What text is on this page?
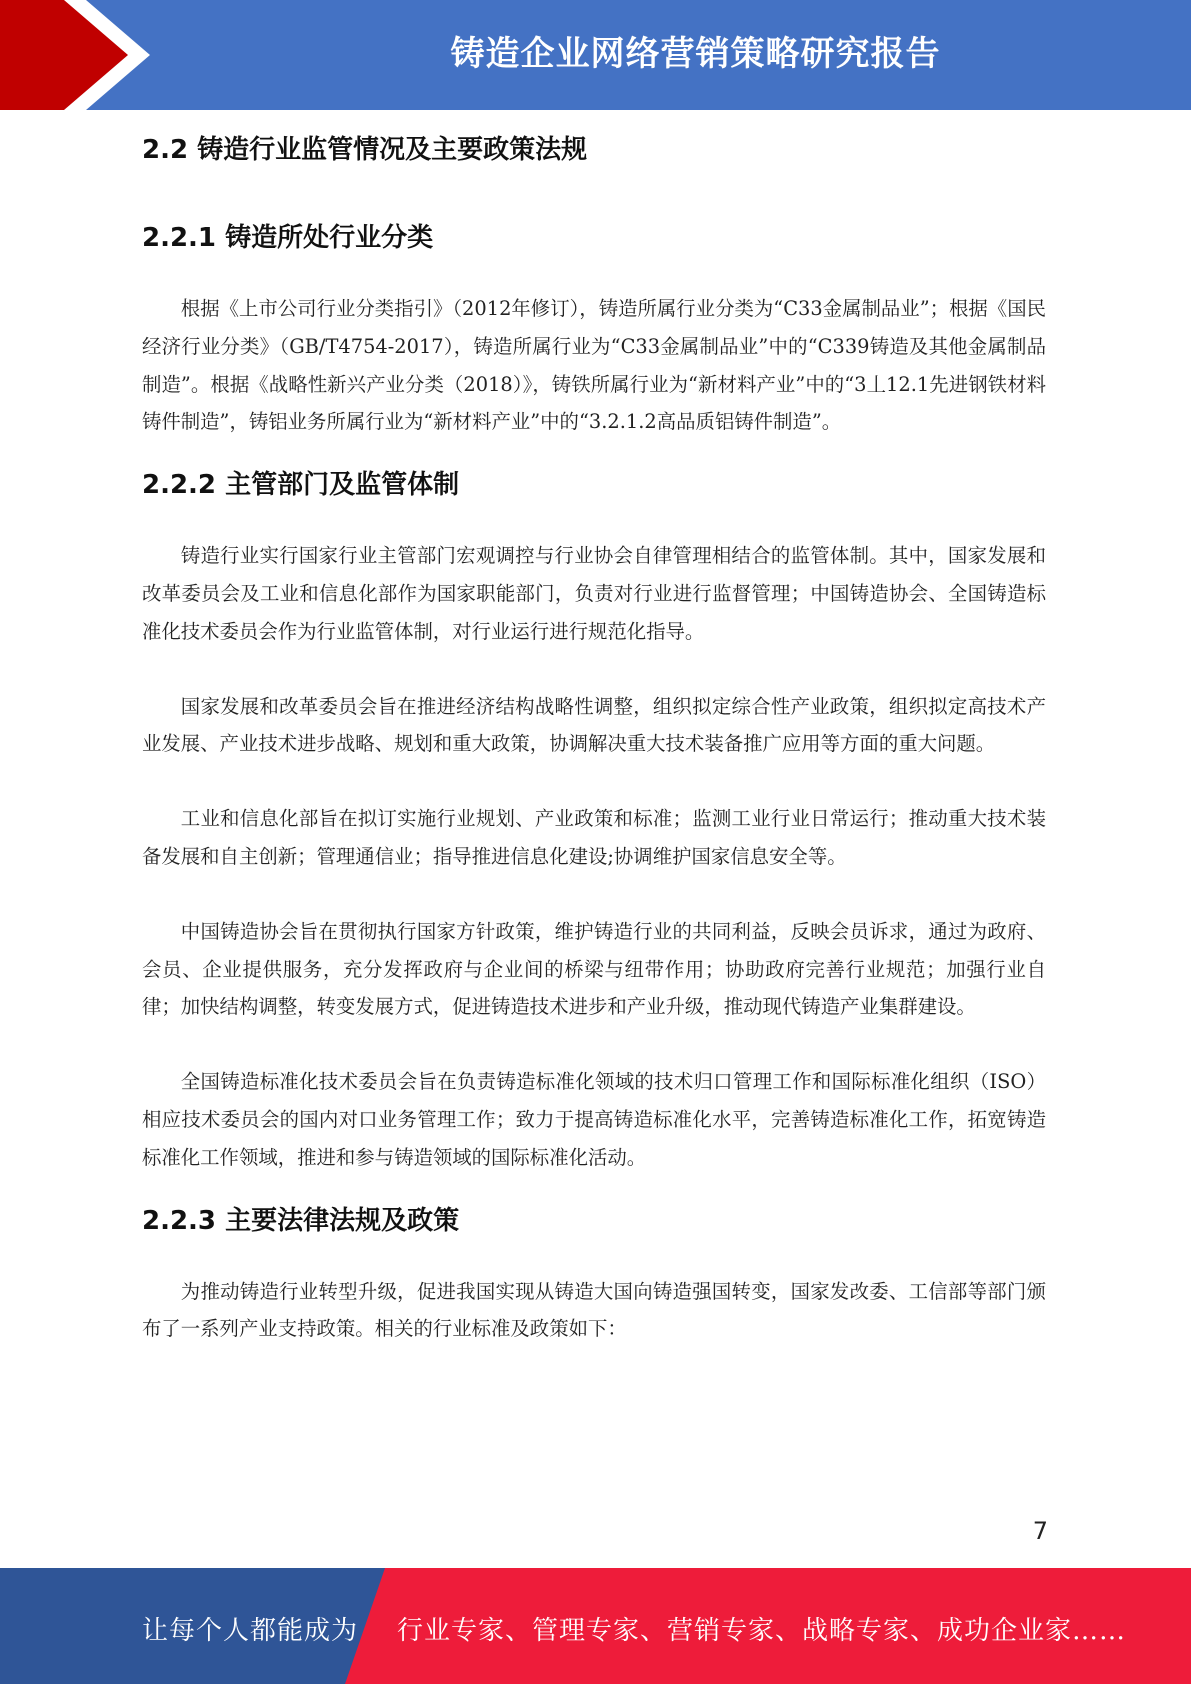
铸造企业网络营销策略研究报告
2.2 铸造行业监管情况及主要政策法规
2.2.1 铸造所处行业分类

根据《上市公司行业分类指引》（2012年修订），铸造所属行业分类为“C33金属制品业”；根据《国民经济行业分类》（GB/T4754-2017），铸造所属行业为“C33金属制品业”中的“C339铸造及其他金属制品制造”。根据《战略性新兴产业分类（2018）》，铸铁所属行业为“新材料产业”中的“3丄12.1先进钢铁材料铸件制造”，铸铝业务所属行业为“新材料产业”中的“3.2.1.2高品质铝铸件制造”。

2.2.2 主管部门及监管体制

铸造行业实行国家行业主管部门宏观调控与行业协会自律管理相结合的监管体制。其中，国家发展和改革委员会及工业和信息化部作为国家职能部门，负责对行业进行监督管理；中国铸造协会、全国铸造标准化技术委员会作为行业监管体制，对行业运行进行规范化指导。

国家发展和改革委员会旨在推进经济结构战略性调整，组织拟定综合性产业政策，组织拟定高技术产业发展、产业技术进步战略、规划和重大政策，协调解决重大技术装备推广应用等方面的重大问题。

工业和信息化部旨在拟订实施行业规划、产业政策和标准；监测工业行业日常运行；推动重大技术装备发展和自主创新；管理通信业；指导推进信息化建设;协调维护国家信息安全等。

中国铸造协会旨在贯彻执行国家方针政策，维护铸造行业的共同利益，反映会员诉求，通过为政府、会员、企业提供服务，充分发挥政府与企业间的桥梁与纽带作用；协助政府完善行业规范；加强行业自律；加快结构调整，转变发展方式，促进铸造技术进步和产业升级，推动现代铸造产业集群建设。

全国铸造标准化技术委员会旨在负责铸造标准化领域的技术归口管理工作和国际标准化组织（ISO）相应技术委员会的国内对口业务管理工作；致力于提高铸造标准化水平，完善铸造标准化工作，拓宽铸造标准化工作领域，推进和参与铸造领域的国际标准化活动。

2.2.3 主要法律法规及政策

为推动铸造行业转型升级，促进我国实现从铸造大国向铸造强国转变，国家发改委、工信部等部门颁布了一系列产业支持政策。相关的行业标准及政策如下：

7
让每个人都能成为 行业专家、管理专家、营销专家、战略专家、成功企业家……
